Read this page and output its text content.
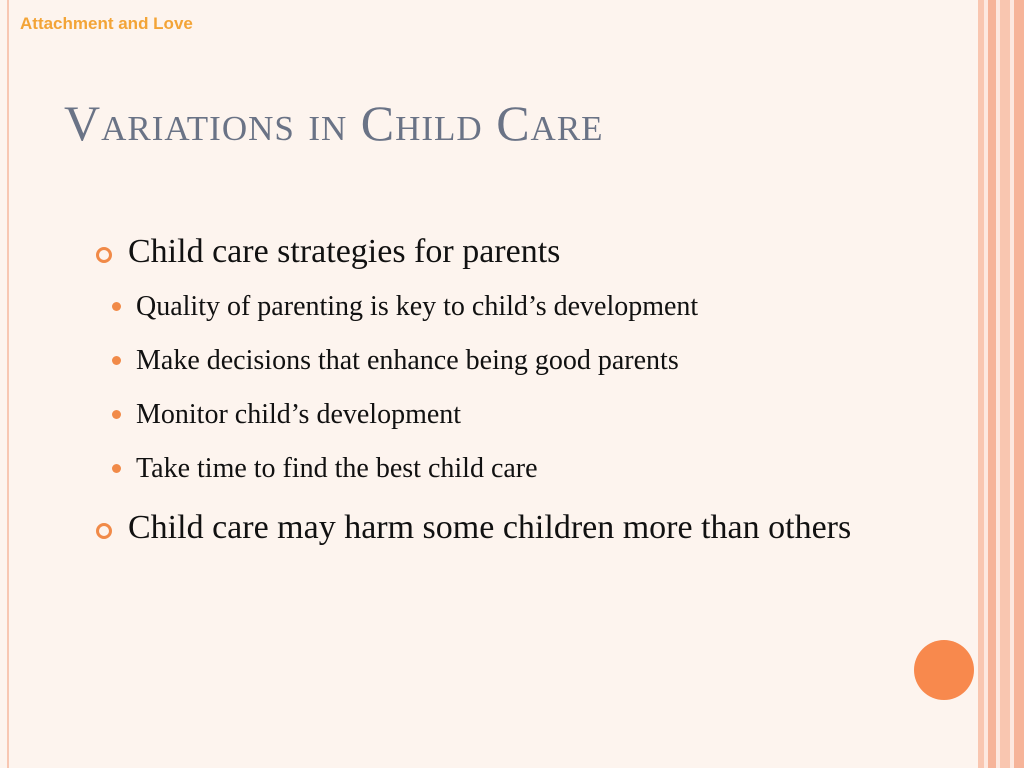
Attachment and Love
Variations in Child Care
Child care strategies for parents
Quality of parenting is key to child’s development
Make decisions that enhance being good parents
Monitor child’s development
Take time to find the best child care
Child care may harm some children more than others
